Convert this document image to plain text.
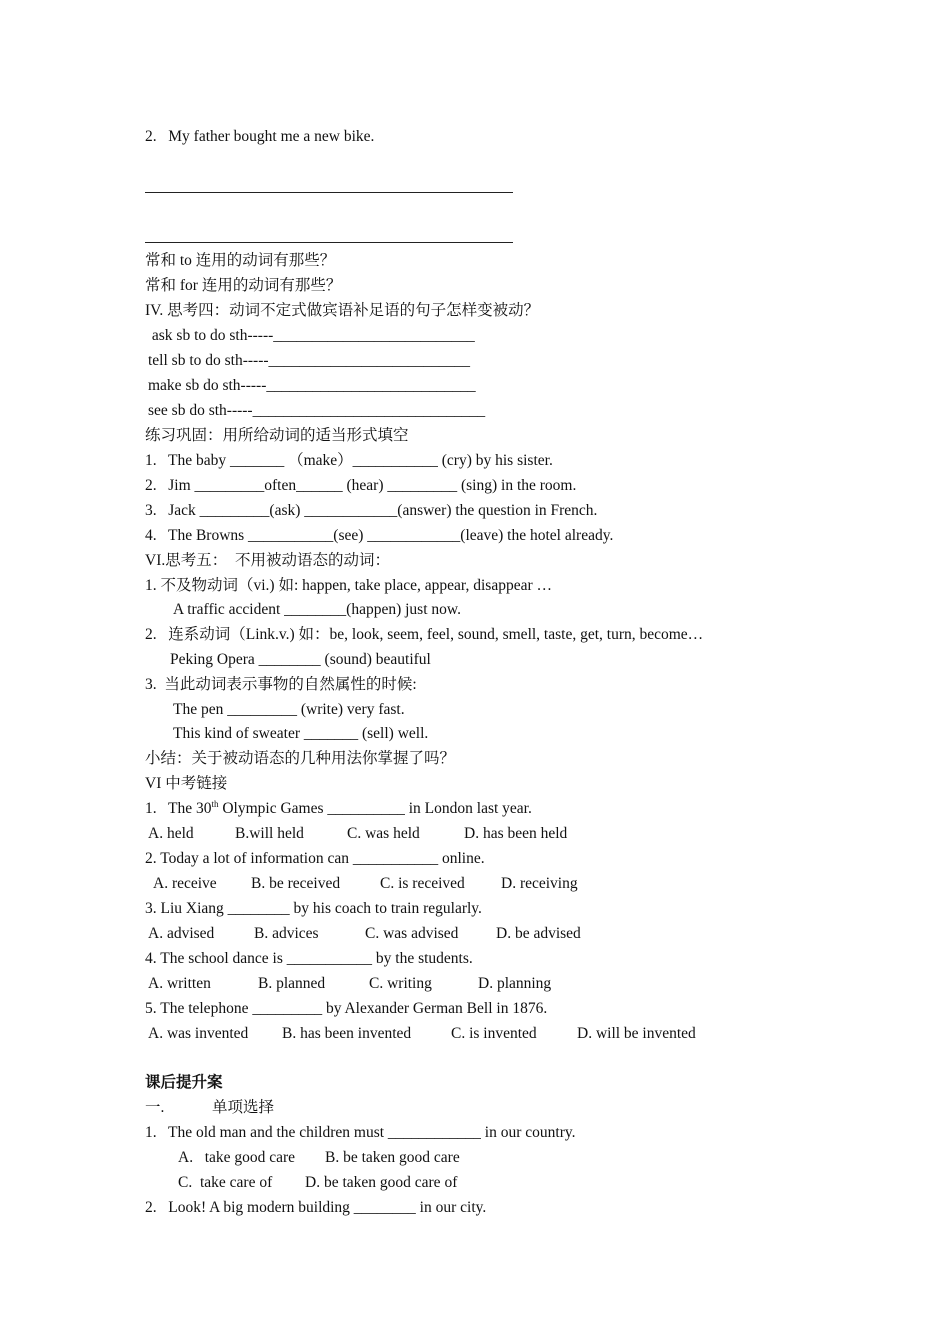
2.   My father bought me a new bike.
常和 to 连用的动词有那些？
常和 for 连用的动词有那些？
IV. 思考四：动词不定式做宾语补足语的句子怎样变被动？
ask sb to do sth-----__________________________
tell sb to do sth-----__________________________
make sb do sth-----___________________________
see sb do sth-----______________________________
练习巩固：用所给动词的适当形式填空
1.   The baby _______ （make）___________ (cry) by his sister.
2.   Jim _________often______ (hear) _________ (sing) in the room.
3.   Jack _________(ask) ____________(answer) the question in French.
4.   The Browns ___________(see) ____________(leave) the hotel already.
VI.思考五：  不用被动语态的动词：
1. 不及物动词（vi.) 如: happen, take place, appear, disappear …
A traffic accident ________(happen) just now.
2.   连系动词（Link.v.) 如：be, look, seem, feel, sound, smell, taste, get, turn, become…
Peking Opera ________ (sound) beautiful
3.  当此动词表示事物的自然属性的时候:
The pen _________ (write) very fast.
This kind of sweater _______ (sell) well.
小结：关于被动语态的几种用法你掌握了吗？
VI 中考链接
1.   The 30th Olympic Games __________ in London last year.
A. held	B.will held	C. was held	D. has been held
2. Today a lot of information can ___________ online.
A. receive B. be received	C. is received D. receiving
3. Liu Xiang ________ by his coach to train regularly.
A. advised	B. advices	C. was advised D. be advised
4. The school dance is ___________ by the students.
A. written	B. planned	C. writing	D. planning
5. The telephone _________ by Alexander German Bell in 1876.
A. was invented B. has been invented	C. is invented	D. will be invented
课后提升案
一.	单项选择
1.   The old man and the children must ____________ in our country.
A.   take good care B. be taken good care
C.  take care of D. be taken good care of
2.   Look! A big modern building ________ in our city.
